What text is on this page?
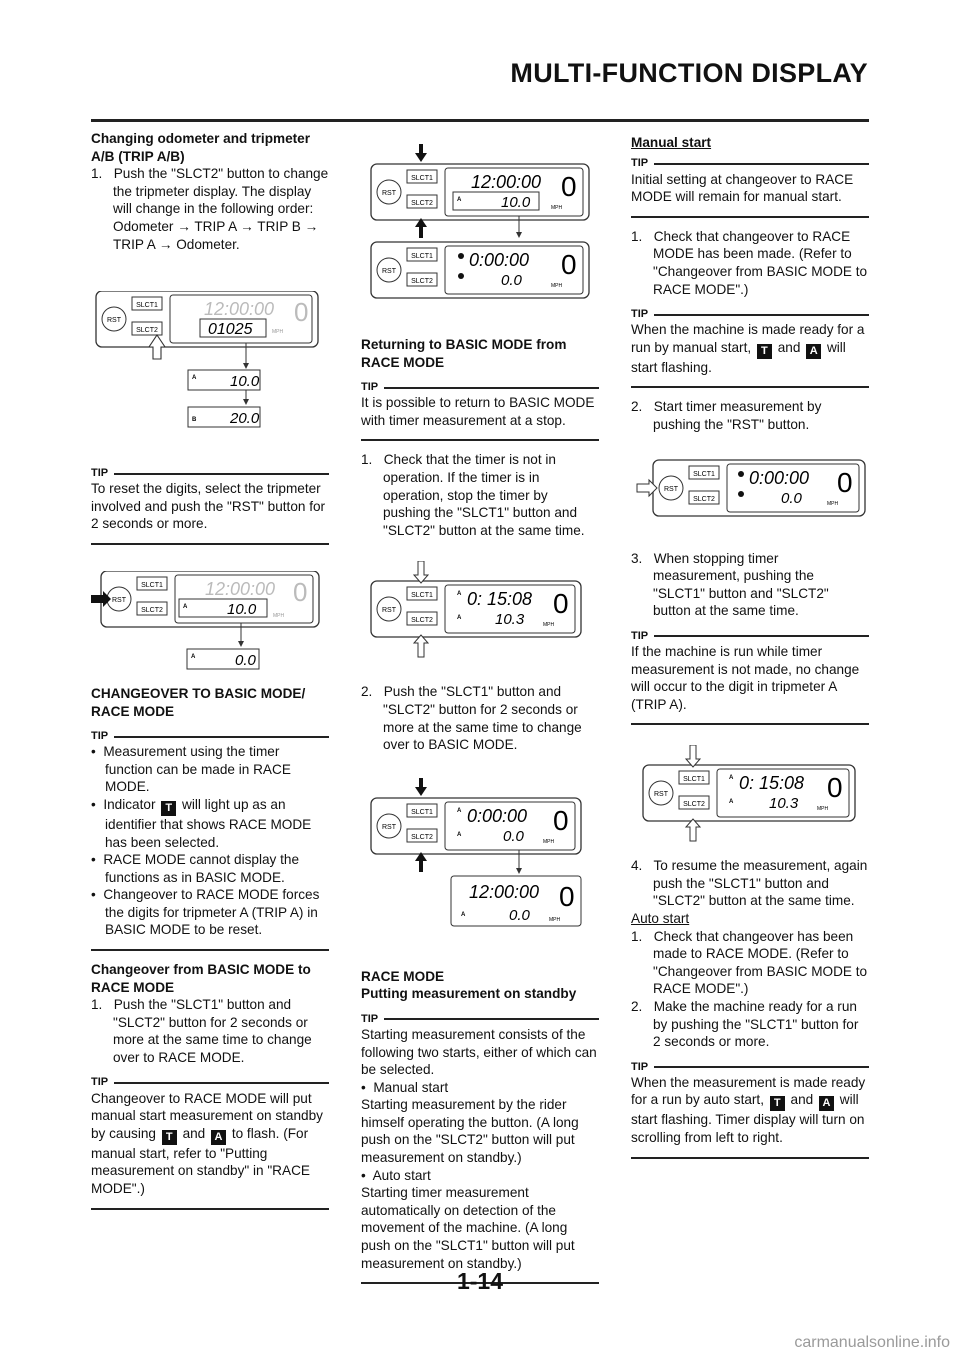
MULTI-FUNCTION DISPLAY

Changing odometer and tripmeter A/B (TRIP A/B)

1. Push the "SLCT2" button to change the tripmeter display. The display will change in the following order:
Odometer → TRIP A → TRIP B → TRIP A → Odometer.

RST
SLCT1
SLCT2
12:00:00 0
01025	MPH
A 10.0
B 20.0
TIP

To reset the digits, select the tripmeter involved and push the "RST" button for 2 seconds or more.

RST
SLCT1
SLCT2
12:00:00 0
A	10.0	MPH
A	0.0

CHANGEOVER TO BASIC MODE/ RACE MODE

TIP

•  Measurement using the timer function can be made in RACE MODE.

•  Indicator T will light up as an identifier that shows RACE MODE has been selected.

•  RACE MODE cannot display the functions as in BASIC MODE.

•  Changeover to RACE MODE forces the digits for tripmeter A (TRIP A) in BASIC MODE to be reset.

Changeover from BASIC MODE to RACE MODE

1. Push the "SLCT1" button and "SLCT2" button for 2 seconds or more at the same time to change over to RACE MODE.

TIP

Changeover to RACE MODE will put manual start measurement on standby by causing T and A to flash. (For manual start, refer to "Putting measurement on standby" in "RACE MODE".)

RST
SLCT1
SLCT2
12:00:00 0
A	10.0	MPH
RST
SLCT1
SLCT2
0:00:00 0
0.0	MPH

Returning to BASIC MODE from RACE MODE

TIP

It is possible to return to BASIC MODE with timer measurement at a stop.

1. Check that the timer is not in operation. If the timer is in operation, stop the timer by pushing the "SLCT1" button and "SLCT2" button at the same time.

RST
SLCT1
SLCT2
A 0: 15:08 0
A 10.3	MPH

2. Push the "SLCT1" button and "SLCT2" button for 2 seconds or more at the same time to change over to BASIC MODE.

RST
SLCT1
SLCT2
A 0:00:00 0
A	0.0	MPH
12:00:00 0
A	0.0	MPH

RACE MODE

Putting measurement on standby

TIP

Starting measurement consists of the following two starts, either of which can be selected.

•  Manual start

Starting measurement by the rider himself operating the button. (A long push on the "SLCT2" button will put measurement on standby.)

•  Auto start

Starting timer measurement automatically on detection of the movement of the machine. (A long push on the "SLCT1" button will put measurement on standby.)

Manual start

TIP

Initial setting at changeover to RACE MODE will remain for manual start.

1. Check that changeover to RACE MODE has been made. (Refer to "Changeover from BASIC MODE to RACE MODE".)

TIP

When the machine is made ready for a run by manual start, T and A will start flashing.

2. Start timer measurement by pushing the "RST" button.

RST
SLCT1
SLCT2
0:00:00 0
0.0	MPH

3. When stopping timer measurement, pushing the "SLCT1" button and "SLCT2" button at the same time.

TIP

If the machine is run while timer measurement is not made, no change will occur to the digit in tripmeter A (TRIP A).

RST
SLCT1
SLCT2
A 0: 15:08 0
A 10.3	MPH

4. To resume the measurement, again push the "SLCT1" button and "SLCT2" button at the same time.

Auto start

1. Check that changeover has been made to RACE MODE. (Refer to "Changeover from BASIC MODE to RACE MODE".)

2. Make the machine ready for a run by pushing the "SLCT1" button for 2 seconds or more.

TIP

When the measurement is made ready for a run by auto start, T and A will start flashing. Timer display will turn on scrolling from left to right.

1-14
carmanualsonline.info
